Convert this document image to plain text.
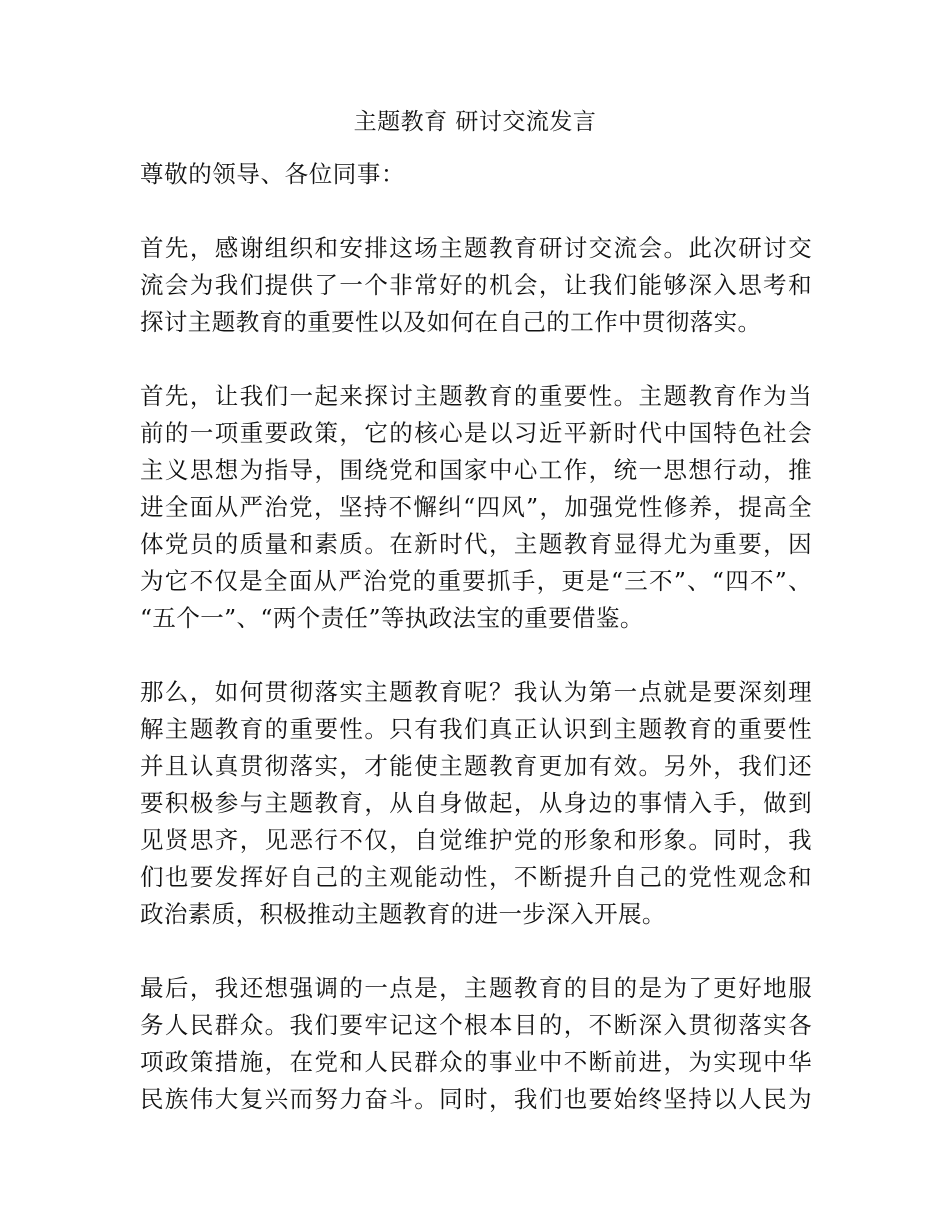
主题教育 研讨交流发言

尊敬的领导、各位同事：

首先，感谢组织和安排这场主题教育研讨交流会。此次研讨交
流会为我们提供了一个非常好的机会，让我们能够深入思考和
探讨主题教育的重要性以及如何在自己的工作中贯彻落实。
首先，让我们一起来探讨主题教育的重要性。主题教育作为当
前的一项重要政策，它的核心是以习近平新时代中国特色社会
主义思想为指导，围绕党和国家中心工作，统一思想行动，推
进全面从严治党，坚持不懈纠“四风”，加强党性修养，提高全
体党员的质量和素质。在新时代，主题教育显得尤为重要，因
为它不仅是全面从严治党的重要抓手，更是“三不”、“四不”、
“五个一”、“两个责任”等执政法宝的重要借鉴。
那么，如何贯彻落实主题教育呢？我认为第一点就是要深刻理
解主题教育的重要性。只有我们真正认识到主题教育的重要性
并且认真贯彻落实，才能使主题教育更加有效。另外，我们还
要积极参与主题教育，从自身做起，从身边的事情入手，做到
见贤思齐，见恶行不仅，自觉维护党的形象和形象。同时，我
们也要发挥好自己的主观能动性，不断提升自己的党性观念和
政治素质，积极推动主题教育的进一步深入开展。
最后，我还想强调的一点是，主题教育的目的是为了更好地服
务人民群众。我们要牢记这个根本目的，不断深入贯彻落实各
项政策措施，在党和人民群众的事业中不断前进，为实现中华
民族伟大复兴而努力奋斗。同时，我们也要始终坚持以人民为
